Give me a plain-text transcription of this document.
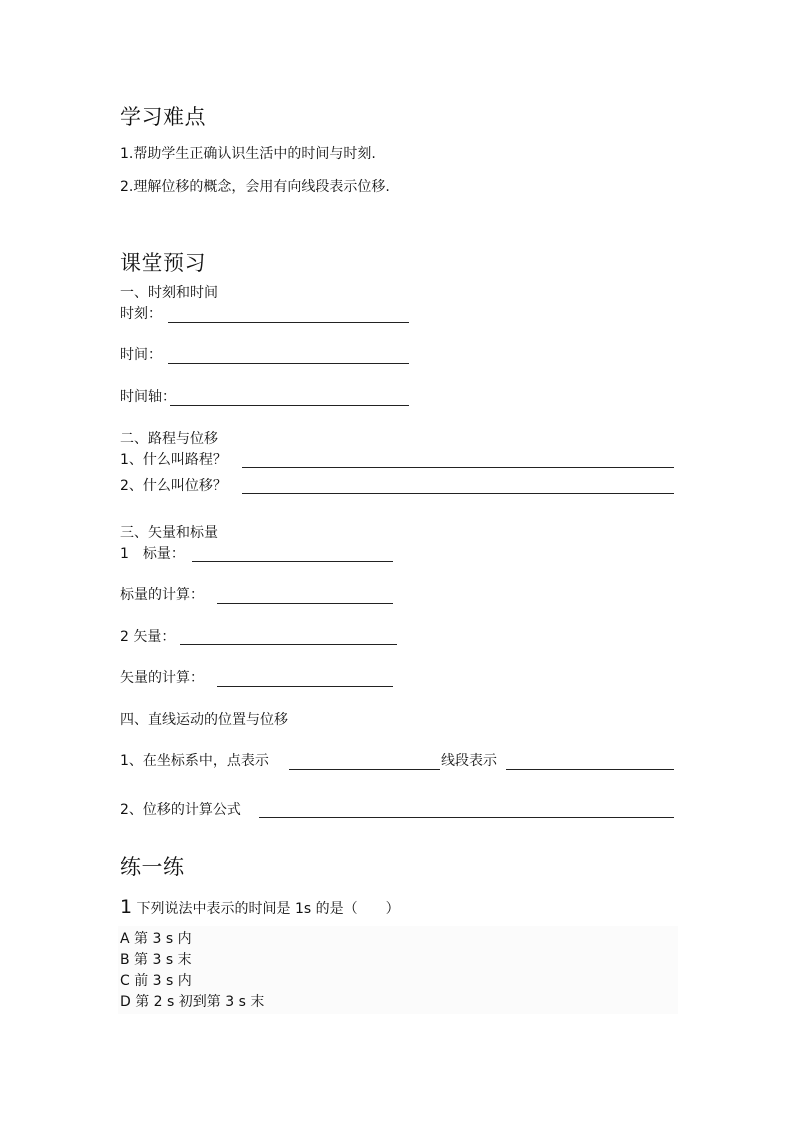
学习难点
1.帮助学生正确认识生活中的时间与时刻.
2.理解位移的概念，会用有向线段表示位移.
课堂预习
一、时刻和时间
时刻：
时间：
时间轴：
二、路程与位移
1、什么叫路程？
2、什么叫位移？
三、矢量和标量
1　标量：
标量的计算：
2 矢量：
矢量的计算：
四、直线运动的位置与位移
1、在坐标系中，点表示	线段表示
2、位移的计算公式
练一练
1 下列说法中表示的时间是 1s 的是（　　）
A 第 3 s 内
B 第 3 s 末
C 前 3 s 内
D 第 2 s 初到第 3 s 末
